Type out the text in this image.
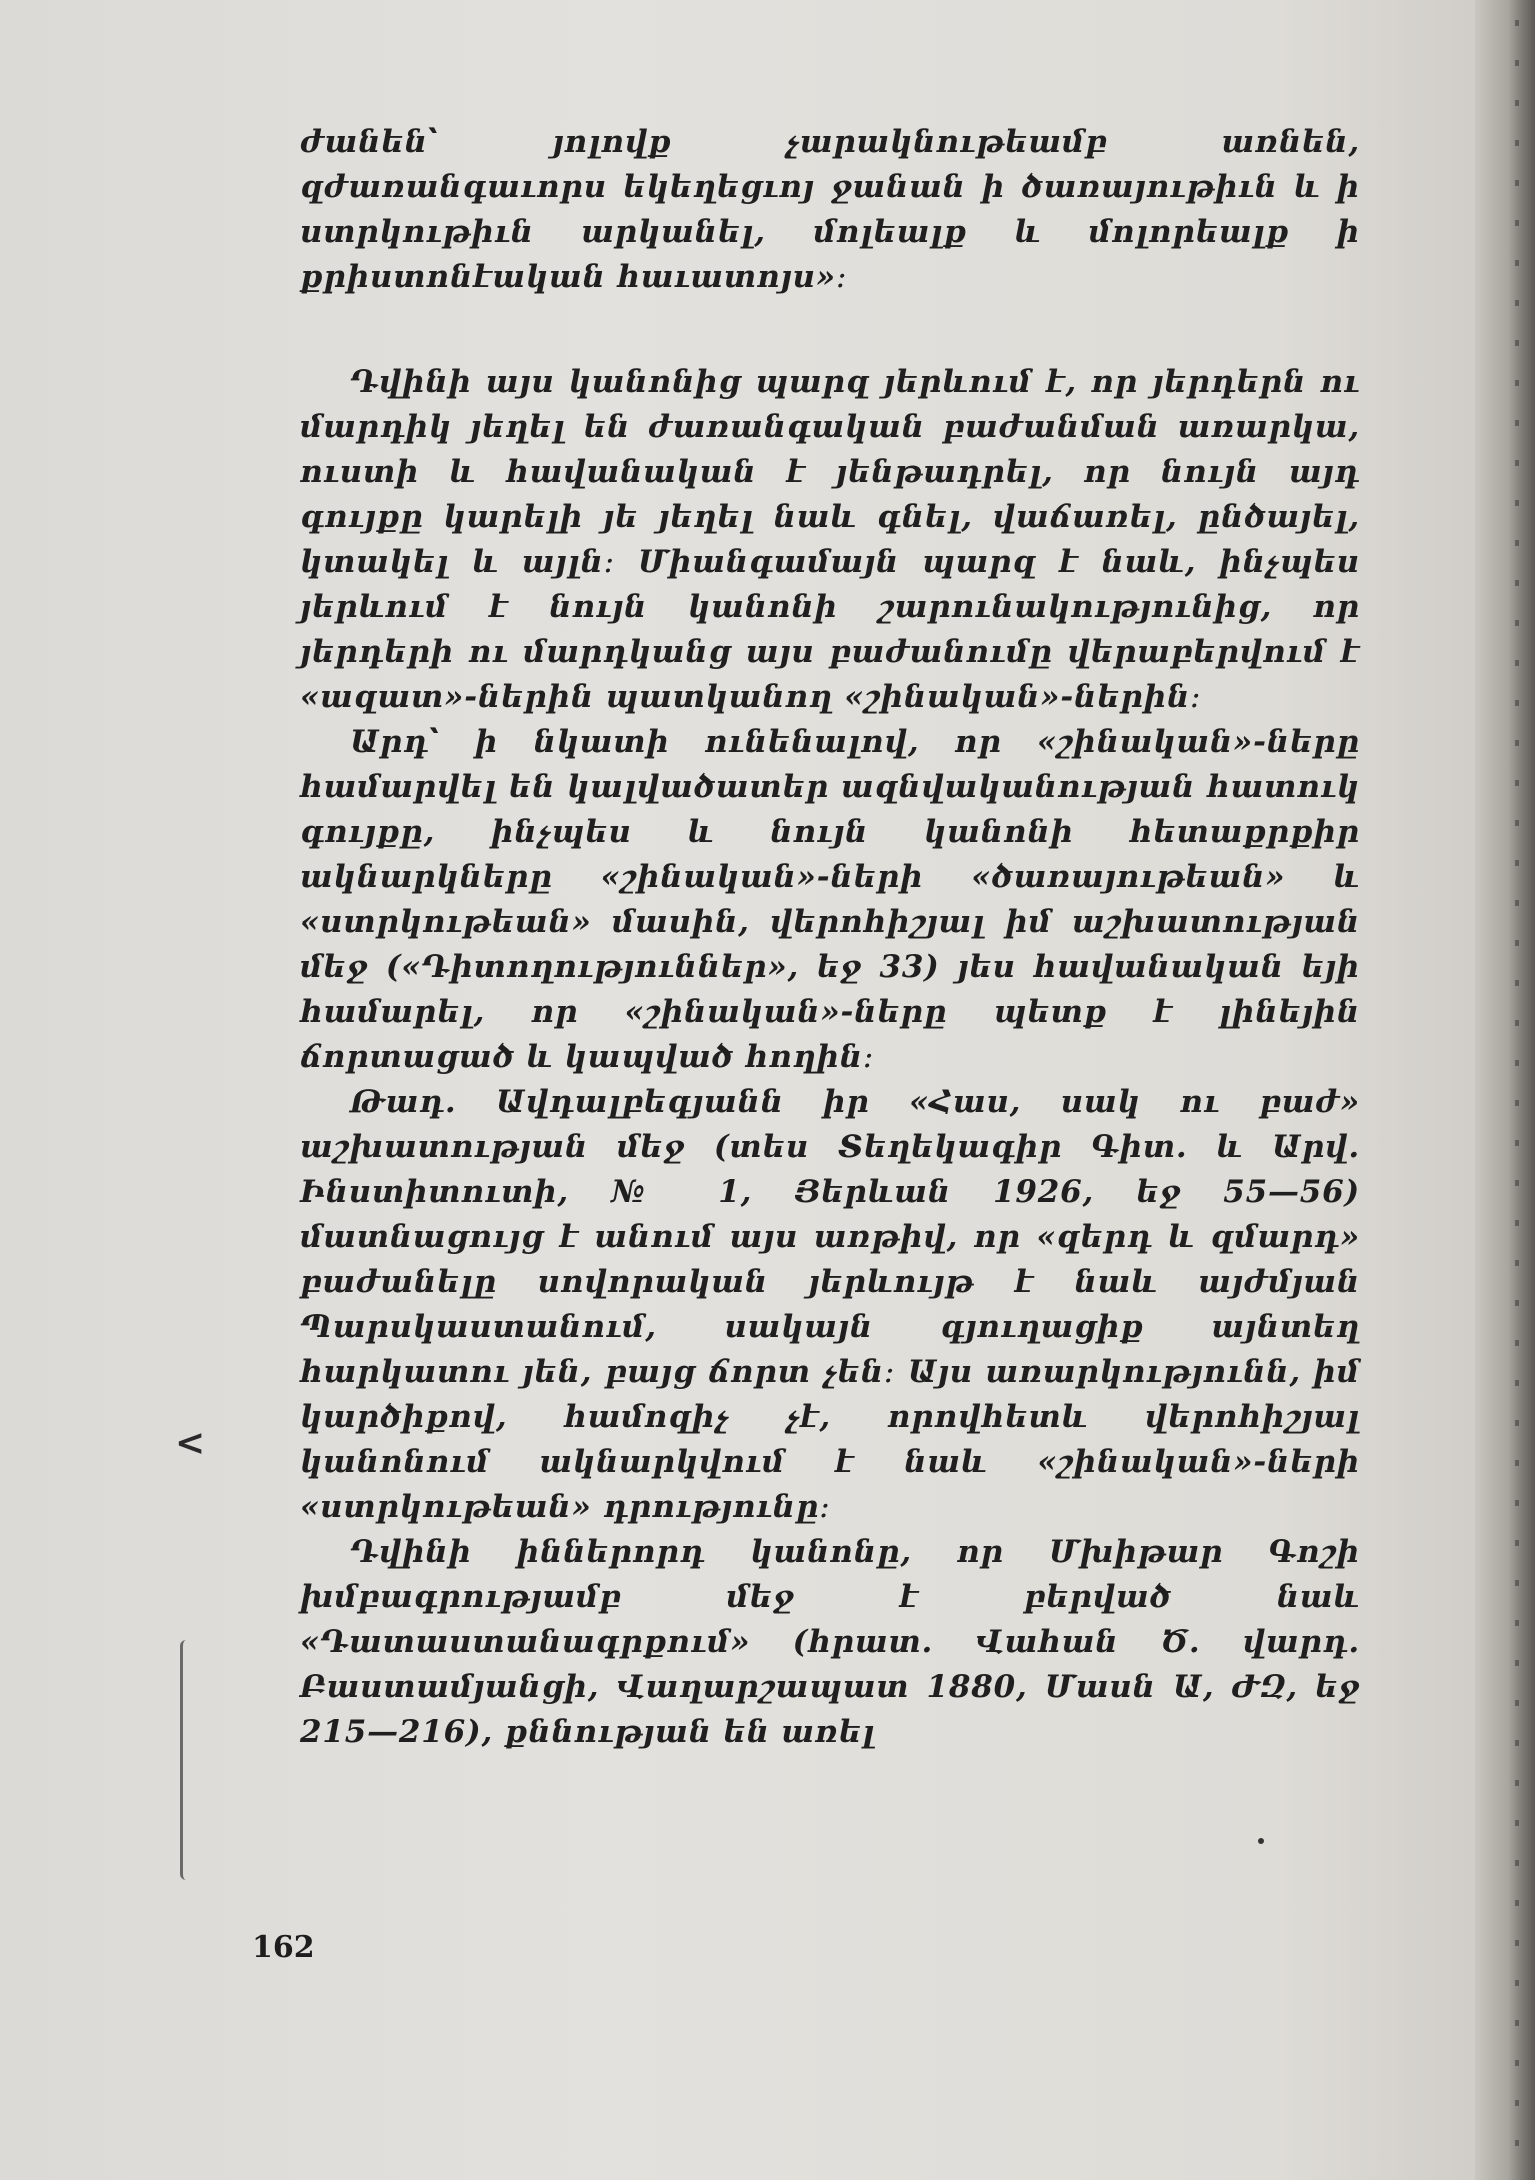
ժանեն՝ յոլովք չարակնութեամբ առնեն, զժառանգաւորս եկեղեցւոյ ջանան ի ծառայութիւն և ի ստրկութիւն արկանել, մոլեալք և մոլորեալք ի քրիստոնէական հաւատոյս»։

Դվինի այս կանոնից պարզ յերևում է, որ յերդերն ու մարդիկ յեղել են ժառանգական բաժանման առարկա, ուստի և հավանական է յենթադրել, որ նույն այդ գույքը կարելի յե յեղել նաև գնել, վաճառել, ընծայել, կտակել և այլն։ Միանգամայն պարզ է նաև, ինչպես յերևում է նույն կանոնի շարունակությունից, որ յերդերի ու մարդկանց այս բաժանումը վերաբերվում է «ազատ»-ներին պատկանող «շինական»-ներին։

Արդ՝ ի նկատի ունենալով, որ «շինական»-ները համարվել են կալվածատեր ազնվականության հատուկ գույքը, ինչպես և նույն կանոնի հետաքրքիր ակնարկները «շինական»-ների «ծառայութեան» և «ստրկութեան» մասին, վերոհիշյալ իմ աշխատության մեջ («Դիտողություններ», եջ 33) յես հավանական եյի համարել, որ «շինական»-ները պետք է լինեյին ճորտացած և կապված հողին։

Թադ. Ավդալբեգյանն իր «Հաս, սակ ու բաժ» աշխատության մեջ (տես Տեղեկագիր Գիտ. և Արվ. Ինստիտուտի, № 1, Յերևան 1926, եջ 55—56) մատնացույց է անում այս առթիվ, որ «զերդ և զմարդ» բաժանելը սովորական յերևույթ է նաև այժմյան Պարսկաստանում, սակայն գյուղացիք այնտեղ հարկատու յեն, բայց ճորտ չեն։ Այս առարկությունն, իմ կարծիքով, համոզիչ չէ, որովհետև վերոհիշյալ կանոնում ակնարկվում է նաև «շինական»-ների «ստրկութեան» դրությունը։

Դվինի իններորդ կանոնը, որ Մխիթար Գոշի խմբագրությամբ մեջ է բերված նաև «Դատաստանագրքում» (հրատ. Վահան Ծ. վարդ. Բաստամյանցի, Վաղարշապատ 1880, Մասն Ա, ԺԶ, եջ 215—216), քննության են առել

<
162
